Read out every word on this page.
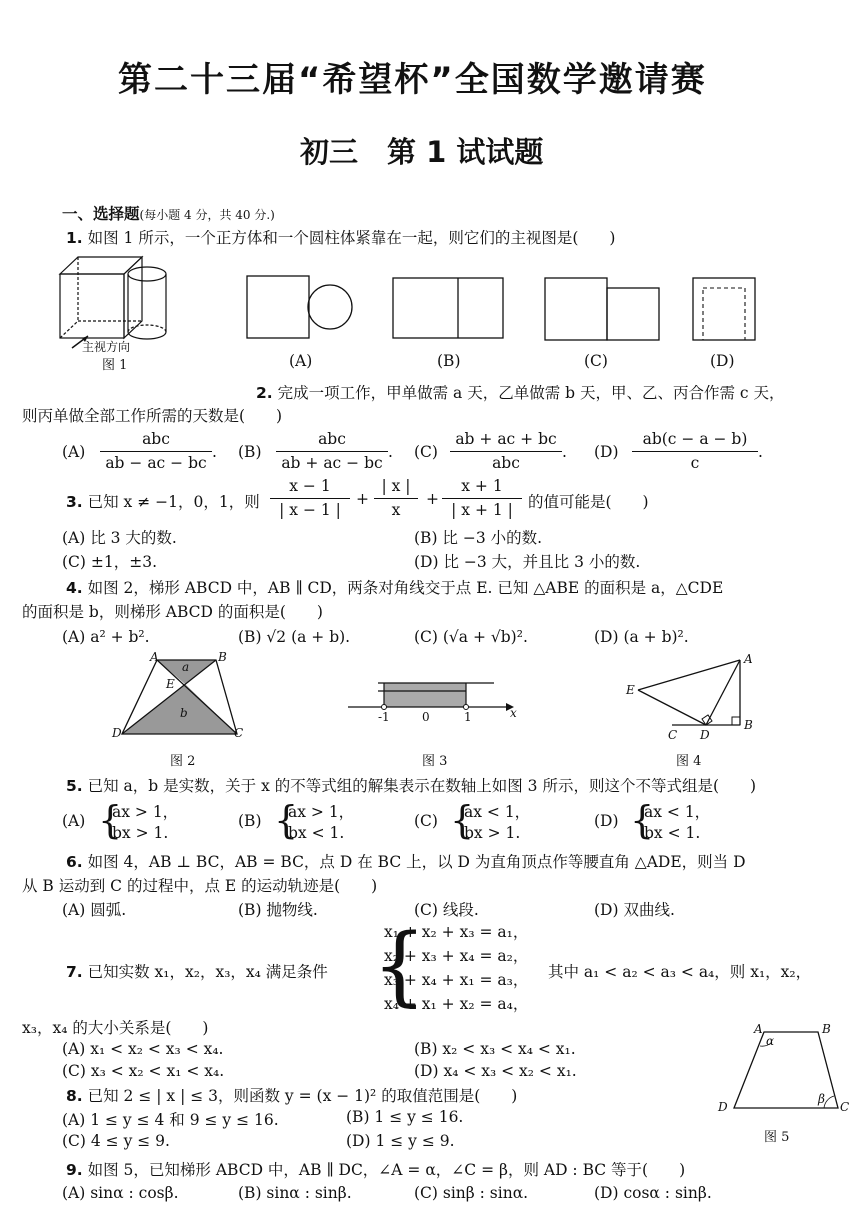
第二十三届“希望杯”全国数学邀请赛
初三　第 1 试试题
一、选择题(每小题 4 分，共 40 分.)
1. 如图 1 所示，一个正方体和一个圆柱体紧靠在一起，则它们的主视图是(　　)
主视方向
图 1	(A)	(B)	(C)	(D)
2. 完成一项工作，甲单做需 a 天，乙单做需 b 天，甲、乙、丙合作需 c 天，
则丙单做全部工作所需的天数是(　　)
(A)
abc
ab − ac − bc
. (B)
abc
ab + ac − bc
. (C)
ab + ac + bc
abc
. (D)
ab(c − a − b)
c
.
3. 已知 x ≠ −1，0，1，则
x − 1
| x − 1 |
+
| x |
x
+
x + 1
| x + 1 | 的值可能是(　　)
(A) 比 3 大的数.	(B) 比 −3 小的数.
(C) ±1，±3.	(D) 比 −3 大，并且比 3 小的数.
4. 如图 2，梯形 ABCD 中，AB ∥ CD，两条对角线交于点 E. 已知 △ABE 的面积是 a，△CDE
的面积是 b，则梯形 ABCD 的面积是(　　)
(A) a² + b².	(B) √2 (a + b).	(C) (√a + √b)².	(D) (a + b)².
A	B
E
a
b
D	C
图 2
-1	0	1	x
图 3
A
E
B
C D
图 4
5. 已知 a，b 是实数，关于 x 的不等式组的解集表示在数轴上如图 3 所示，则这个不等式组是(　　)
(A) {
ax > 1，
bx > 1.
(B) {
ax > 1，
bx < 1.
(C) {
ax < 1，
bx > 1.
(D) {
ax < 1，
bx < 1.
6. 如图 4，AB ⊥ BC，AB = BC，点 D 在 BC 上，以 D 为直角顶点作等腰直角 △ADE，则当 D
从 B 运动到 C 的过程中，点 E 的运动轨迹是(　　)
(A) 圆弧.	(B) 抛物线.	(C) 线段.	(D) 双曲线.
7. 已知实数 x₁，x₂，x₃，x₄ 满足条件 {
x₁ + x₂ + x₃ = a₁，
x₂ + x₃ + x₄ = a₂，
x₃ + x₄ + x₁ = a₃，
x₄ + x₁ + x₂ = a₄，
其中 a₁ < a₂ < a₃ < a₄，则 x₁，x₂，
x₃，x₄ 的大小关系是(　　)
(A) x₁ < x₂ < x₃ < x₄.	(B) x₂ < x₃ < x₄ < x₁.
(C) x₃ < x₂ < x₁ < x₄.	(D) x₄ < x₃ < x₂ < x₁.
8. 已知 2 ≤ | x | ≤ 3，则函数 y = (x − 1)² 的取值范围是(　　)
(A) 1 ≤ y ≤ 4 和 9 ≤ y ≤ 16.	(B) 1 ≤ y ≤ 16.
(C) 4 ≤ y ≤ 9.	(D) 1 ≤ y ≤ 9.
A	B
α
β
D	C
图 5
9. 如图 5，已知梯形 ABCD 中，AB ∥ DC，∠A = α，∠C = β，则 AD : BC 等于(　　)
(A) sinα : cosβ.	(B) sinα : sinβ.	(C) sinβ : sinα.	(D) cosα : sinβ.
